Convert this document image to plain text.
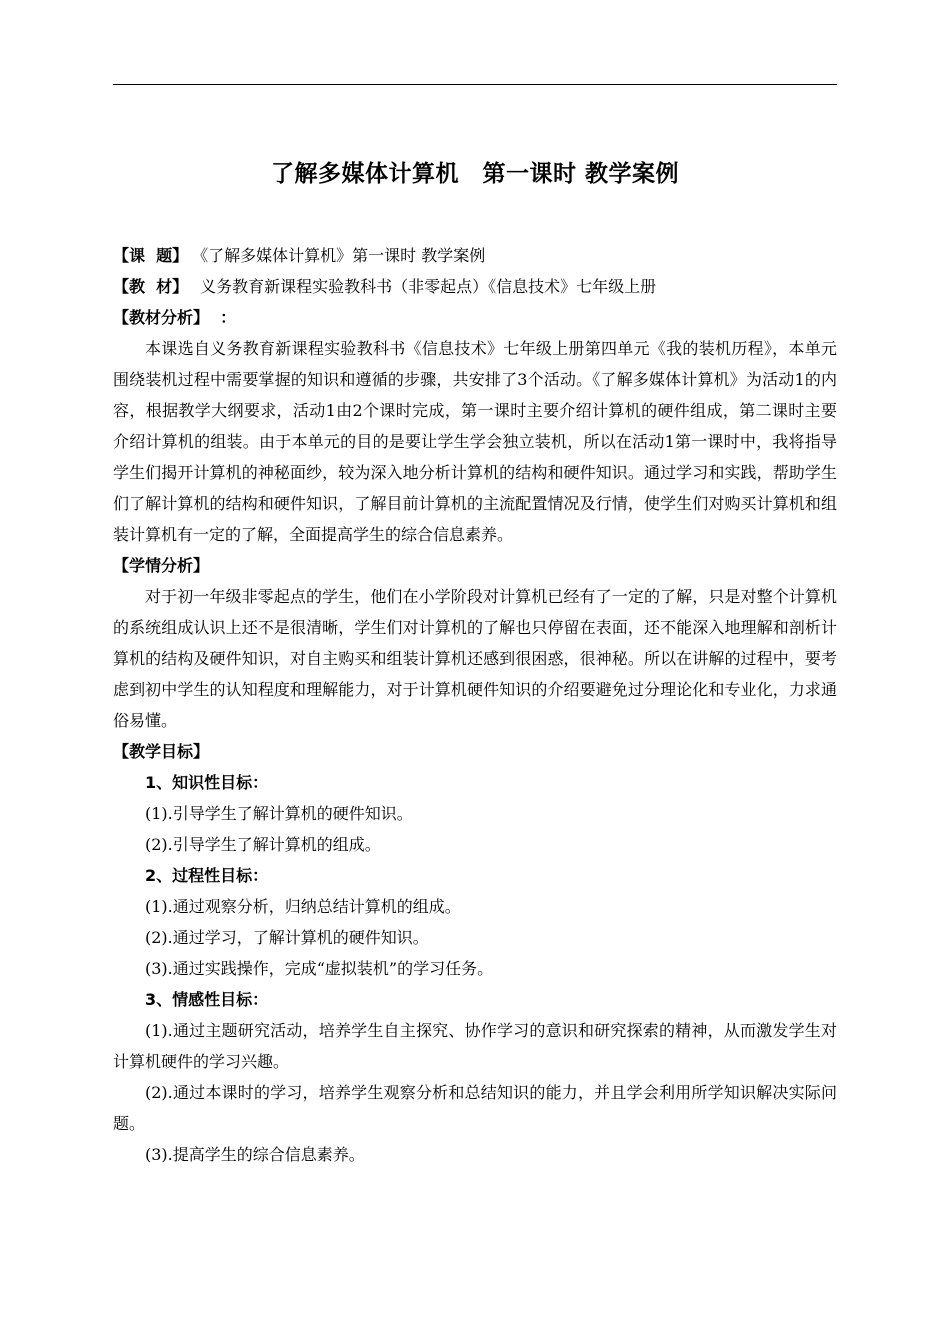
了解多媒体计算机　第一课时 教学案例
【课  题】 《了解多媒体计算机》第一课时 教学案例
【教  材】 义务教育新课程实验教科书（非零起点）《信息技术》七年级上册
【教材分析】  ：

本课选自义务教育新课程实验教科书《信息技术》七年级上册第四单元《我的装机历程》，本单元围绕装机过程中需要掌握的知识和遵循的步骤，共安排了3个活动。《了解多媒体计算机》为活动1的内容，根据教学大纲要求，活动1由2个课时完成，第一课时主要介绍计算机的硬件组成，第二课时主要介绍计算机的组装。由于本单元的目的是要让学生学会独立装机，所以在活动1第一课时中，我将指导学生们揭开计算机的神秘面纱，较为深入地分析计算机的结构和硬件知识。通过学习和实践，帮助学生们了解计算机的结构和硬件知识，了解目前计算机的主流配置情况及行情，使学生们对购买计算机和组装计算机有一定的了解，全面提高学生的综合信息素养。

【学情分析】

对于初一年级非零起点的学生，他们在小学阶段对计算机已经有了一定的了解，只是对整个计算机的系统组成认识上还不是很清晰，学生们对计算机的了解也只停留在表面，还不能深入地理解和剖析计算机的结构及硬件知识，对自主购买和组装计算机还感到很困惑，很神秘。所以在讲解的过程中，要考虑到初中学生的认知程度和理解能力，对于计算机硬件知识的介绍要避免过分理论化和专业化，力求通俗易懂。

【教学目标】
1、知识性目标：
(1).引导学生了解计算机的硬件知识。
(2).引导学生了解计算机的组成。
2、过程性目标：
(1).通过观察分析，归纳总结计算机的组成。
(2).通过学习，了解计算机的硬件知识。
(3).通过实践操作，完成“虚拟装机”的学习任务。
3、情感性目标：

(1).通过主题研究活动，培养学生自主探究、协作学习的意识和研究探索的精神，从而激发学生对计算机硬件的学习兴趣。

(2).通过本课时的学习，培养学生观察分析和总结知识的能力，并且学会利用所学知识解决实际问题。

(3).提高学生的综合信息素养。
